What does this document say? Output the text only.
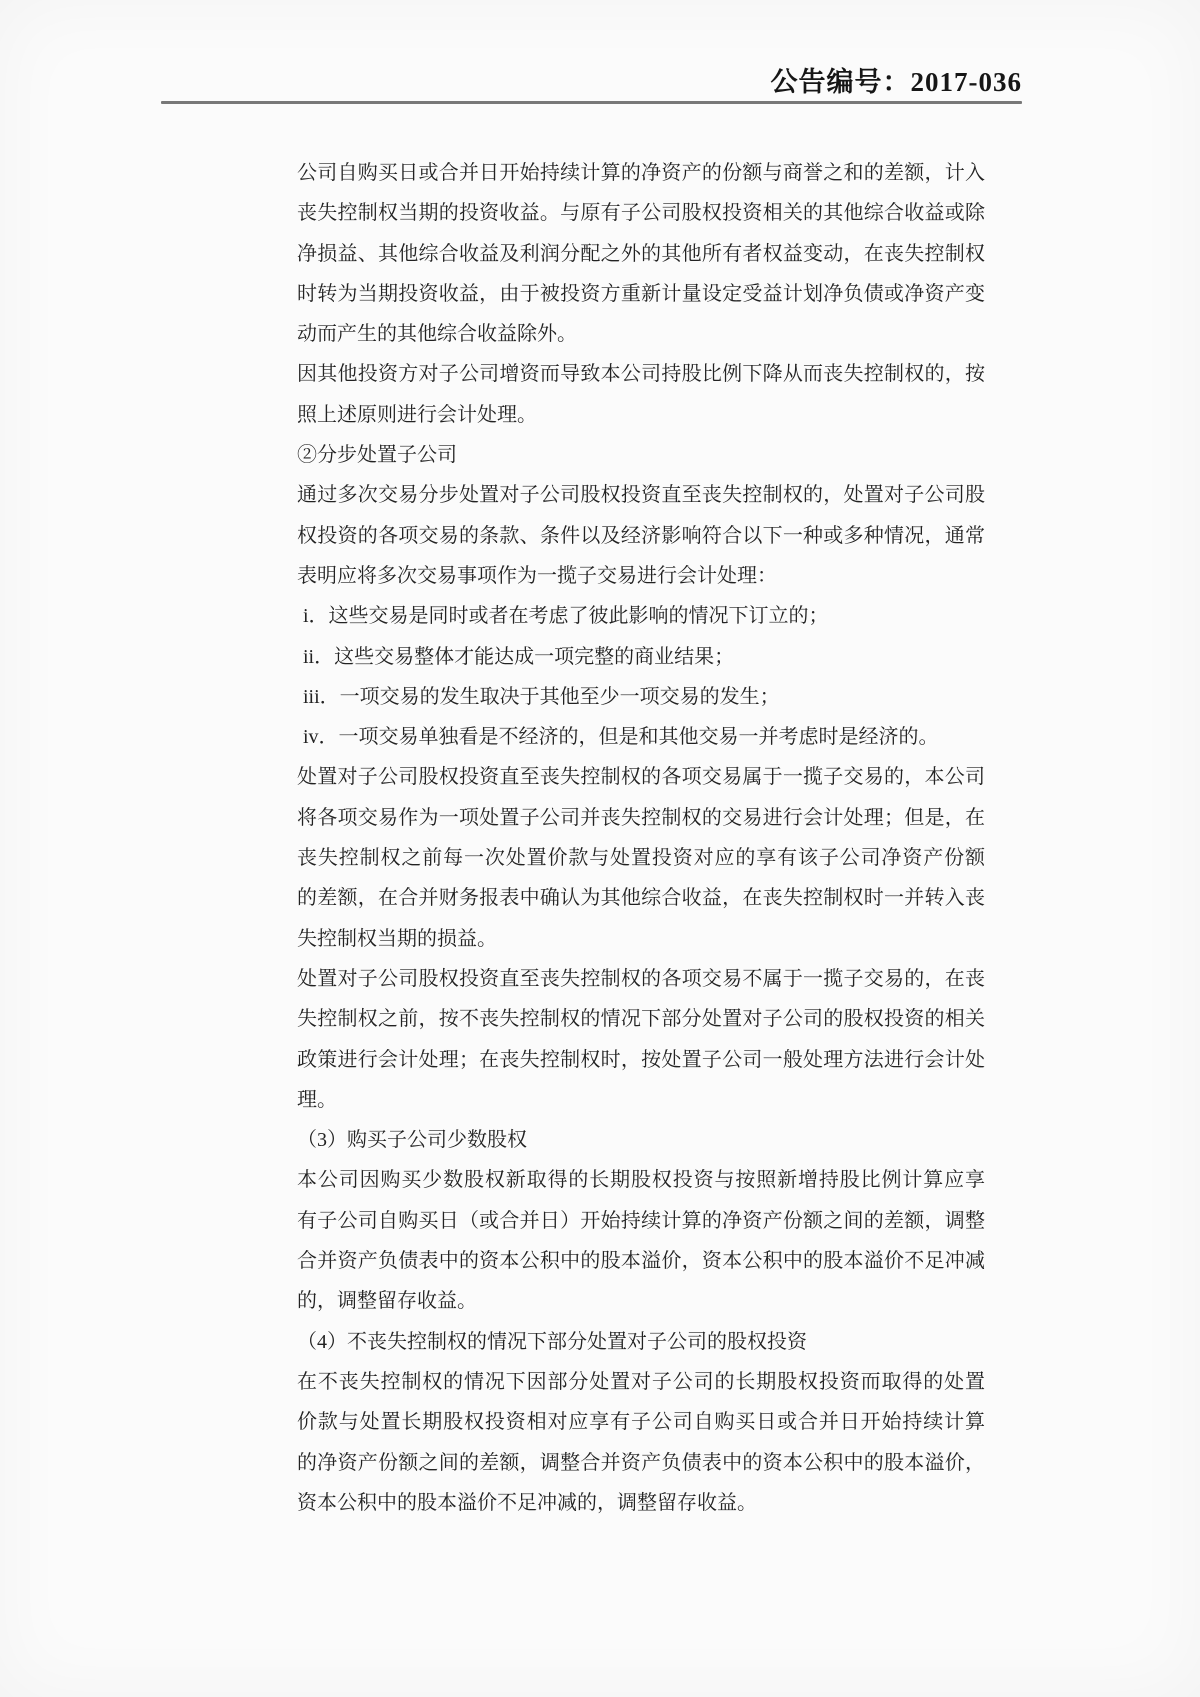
公告编号：2017-036
公司自购买日或合并日开始持续计算的净资产的份额与商誉之和的差额，计入
丧失控制权当期的投资收益。与原有子公司股权投资相关的其他综合收益或除
净损益、其他综合收益及利润分配之外的其他所有者权益变动，在丧失控制权
时转为当期投资收益，由于被投资方重新计量设定受益计划净负债或净资产变
动而产生的其他综合收益除外。
因其他投资方对子公司增资而导致本公司持股比例下降从而丧失控制权的，按
照上述原则进行会计处理。
②分步处置子公司
通过多次交易分步处置对子公司股权投资直至丧失控制权的，处置对子公司股
权投资的各项交易的条款、条件以及经济影响符合以下一种或多种情况，通常
表明应将多次交易事项作为一揽子交易进行会计处理：
i．这些交易是同时或者在考虑了彼此影响的情况下订立的；
ii．这些交易整体才能达成一项完整的商业结果；
iii．一项交易的发生取决于其他至少一项交易的发生；
iv．一项交易单独看是不经济的，但是和其他交易一并考虑时是经济的。
处置对子公司股权投资直至丧失控制权的各项交易属于一揽子交易的，本公司
将各项交易作为一项处置子公司并丧失控制权的交易进行会计处理；但是，在
丧失控制权之前每一次处置价款与处置投资对应的享有该子公司净资产份额
的差额，在合并财务报表中确认为其他综合收益，在丧失控制权时一并转入丧
失控制权当期的损益。
处置对子公司股权投资直至丧失控制权的各项交易不属于一揽子交易的，在丧
失控制权之前，按不丧失控制权的情况下部分处置对子公司的股权投资的相关
政策进行会计处理；在丧失控制权时，按处置子公司一般处理方法进行会计处
理。
（3）购买子公司少数股权
本公司因购买少数股权新取得的长期股权投资与按照新增持股比例计算应享
有子公司自购买日（或合并日）开始持续计算的净资产份额之间的差额，调整
合并资产负债表中的资本公积中的股本溢价，资本公积中的股本溢价不足冲减
的，调整留存收益。
（4）不丧失控制权的情况下部分处置对子公司的股权投资
在不丧失控制权的情况下因部分处置对子公司的长期股权投资而取得的处置
价款与处置长期股权投资相对应享有子公司自购买日或合并日开始持续计算
的净资产份额之间的差额，调整合并资产负债表中的资本公积中的股本溢价，
资本公积中的股本溢价不足冲减的，调整留存收益。
